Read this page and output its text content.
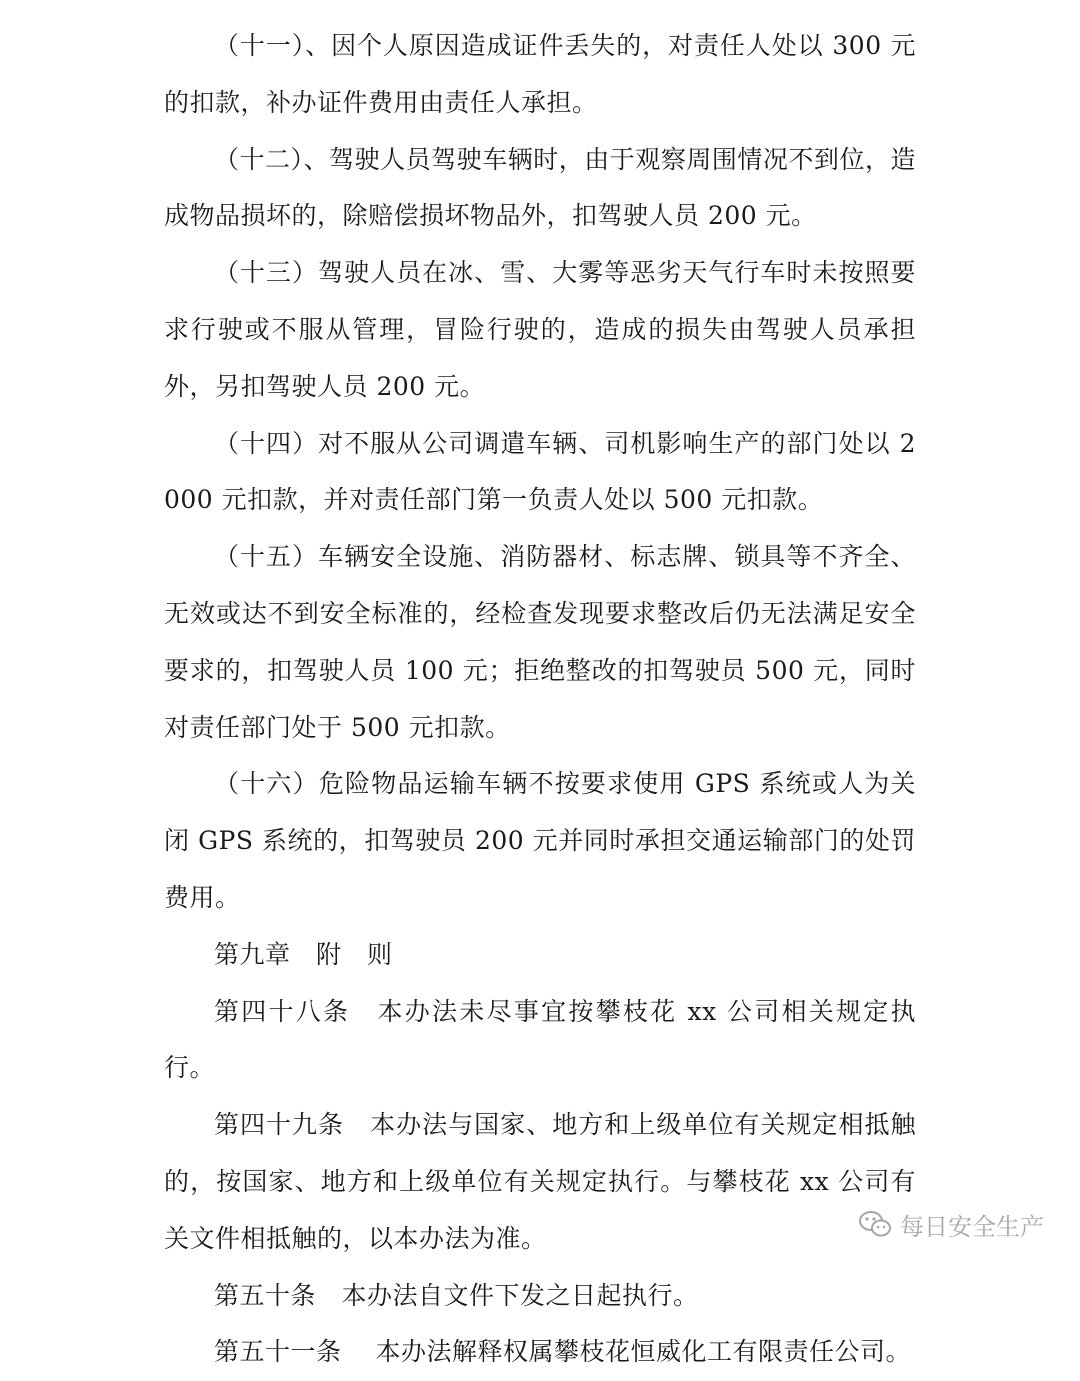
（十一）、因个人原因造成证件丢失的，对责任人处以 300 元的扣款，补办证件费用由责任人承担。

（十二）、驾驶人员驾驶车辆时，由于观察周围情况不到位，造成物品损坏的，除赔偿损坏物品外，扣驾驶人员 200 元。

（十三）驾驶人员在冰、雪、大雾等恶劣天气行车时未按照要求行驶或不服从管理，冒险行驶的，造成的损失由驾驶人员承担外，另扣驾驶人员 200 元。

（十四）对不服从公司调遣车辆、司机影响生产的部门处以 2000 元扣款，并对责任部门第一负责人处以 500 元扣款。

（十五）车辆安全设施、消防器材、标志牌、锁具等不齐全、无效或达不到安全标准的，经检查发现要求整改后仍无法满足安全要求的，扣驾驶人员 100 元；拒绝整改的扣驾驶员 500 元，同时对责任部门处于 500 元扣款。

（十六）危险物品运输车辆不按要求使用 GPS 系统或人为关闭 GPS 系统的，扣驾驶员 200 元并同时承担交通运输部门的处罚费用。

第九章　附　则

第四十八条　本办法未尽事宜按攀枝花 xx 公司相关规定执行。

第四十九条　本办法与国家、地方和上级单位有关规定相抵触的，按国家、地方和上级单位有关规定执行。与攀枝花 xx 公司有关文件相抵触的，以本办法为准。

第五十条　本办法自文件下发之日起执行。

第五十一条　 本办法解释权属攀枝花恒威化工有限责任公司。

每日安全生产
